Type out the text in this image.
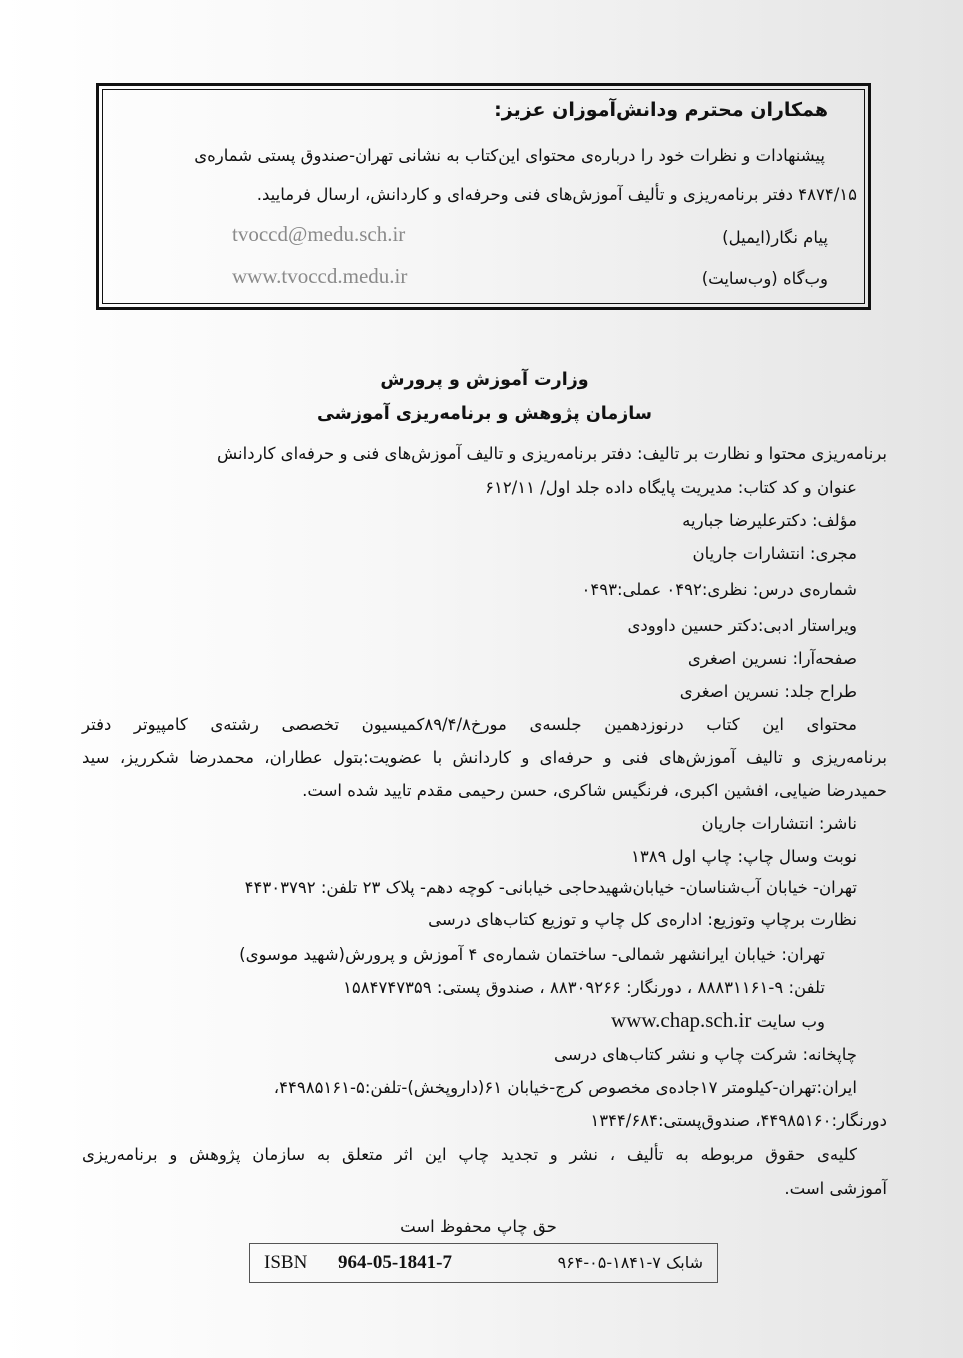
همکاران محترم ودانش‌آموزان عزیز:
پیشنهادات و نظرات خود را درباره‌ی محتوای این‌کتاب به نشانی تهران-صندوق پستی شماره‌ی
۴۸۷۴/۱۵ دفتر برنامه‌ریزی و تألیف آموزش‌های فنی وحرفه‌ای و کاردانش، ارسال فرمایید.
پیام نگار(ایمیل)
tvoccd@medu.sch.ir
وب‌گاه (وب‌سایت)
www.tvoccd.medu.ir
وزارت آموزش و پرورش
سازمان پژوهش و برنامه‌ریزی آموزشی
برنامه‌ریزی محتوا و نظارت بر تالیف: دفتر برنامه‌ریزی و تالیف آموزش‌های فنی و حرفه‌ای کاردانش
عنوان و کد کتاب: مدیریت پایگاه داده جلد اول/ ۶۱۲/۱۱
مؤلف: دکترعلیرضا جباریه
مجری: انتشارات جاریان
شماره‌ی درس: نظری:۰۴۹۲ عملی:۰۴۹۳
ویراستار ادبی:دکتر حسین داوودی
صفحه‌آرا: نسرین اصغری
طراح جلد: نسرین اصغری
محتوای این کتاب درنوزدهمین جلسه‌ی مورخ۸۹/۴/۸کمیسیون تخصصی رشته‌ی کامپیوتر دفتر
برنامه‌ریزی و تالیف آموزش‌های فنی و حرفه‌ای و کاردانش با عضویت:بتول عطاران، محمدرضا شکرریز، سید
حمیدرضا ضیایی، افشین اکبری، فرنگیس شاکری، حسن رحیمی مقدم تایید شده است.
ناشر: انتشارات جاریان
نوبت وسال چاپ: چاپ اول ۱۳۸۹
تهران- خیابان آب‌شناسان- خیابان‌شهیدحاجی خیابانی- کوچه دهم- پلاک ۲۳ تلفن: ۴۴۳۰۳۷۹۲
نظارت برچاپ وتوزیع: اداره‌ی کل چاپ و توزیع کتاب‌های درسی
تهران: خیابان ایرانشهر شمالی- ساختمان شماره‌ی ۴ آموزش و پرورش(شهید موسوی)
تلفن: ۹-۸۸۸۳۱۱۶۱ ، دورنگار: ۸۸۳۰۹۲۶۶ ، صندوق پستی: ۱۵۸۴۷۴۷۳۵۹
وب سایت www.chap.sch.ir
چاپخانه: شرکت چاپ و نشر کتاب‌های درسی
ایران:تهران-کیلومتر ۱۷جاده‌ی مخصوص کرج-خیابان ۶۱(داروپخش)-تلفن:۵-۴۴۹۸۵۱۶۱،
دورنگار:۴۴۹۸۵۱۶۰، صندوق‌پستی:۱۳۴۴/۶۸۴
کلیه‌ی حقوق مربوطه به تألیف ، نشر و تجدید چاپ این اثر متعلق به سازمان پژوهش و برنامه‌ریزی
آموزشی است.
حق چاپ محفوظ است
ISBN 964-05-1841-7	شابک ۷-۱۸۴۱-۰۵-۹۶۴
